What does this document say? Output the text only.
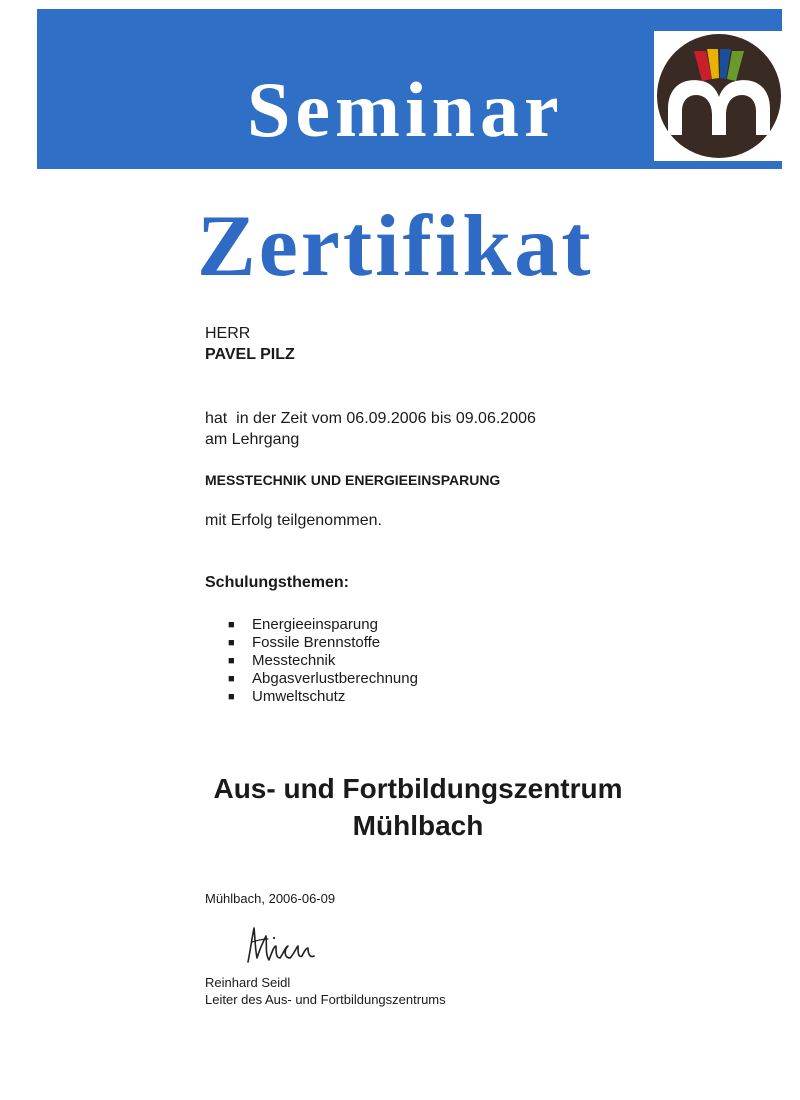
Seminar
Zertifikat
HERR
PAVEL PILZ
hat  in der Zeit vom 06.09.2006 bis 09.06.2006
am Lehrgang
MESSTECHNIK UND ENERGIEEINSPARUNG
mit Erfolg teilgenommen.
Schulungsthemen:
■ Energieeinsparung
■ Fossile Brennstoffe
■ Messtechnik
■ Abgasverlustberechnung
■ Umweltschutz
Aus- und Fortbildungszentrum
Mühlbach
Mühlbach, 2006-06-09
Reinhard Seidl
Leiter des Aus- und Fortbildungszentrums
